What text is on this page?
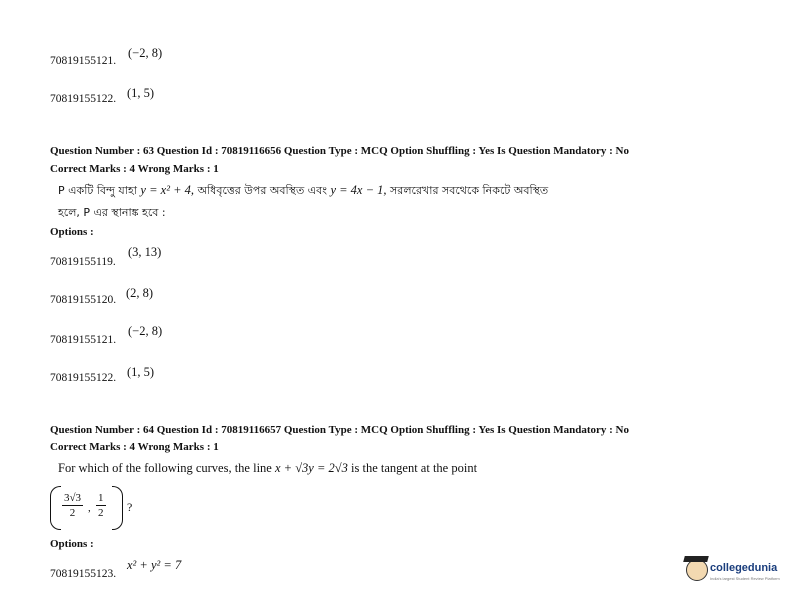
70819155121.
(−2, 8)
70819155122. (1, 5)
Question Number : 63 Question Id : 70819116656 Question Type : MCQ Option Shuffling : Yes Is Question Mandatory : No
Correct Marks : 4 Wrong Marks : 1
P একটি বিন্দু যাহা y = x² + 4, অধিবৃত্তের উপর অবস্থিত এবং y = 4x − 1, সরলরেখার সবথেকে নিকটে অবস্থিত
হলে, P এর স্থানাঙ্ক হবে :
Options :
70819155119.
(3, 13)
70819155120. (2, 8)
70819155121.
(−2, 8)
70819155122. (1, 5)
Question Number : 64 Question Id : 70819116657 Question Type : MCQ Option Shuffling : Yes Is Question Mandatory : No
Correct Marks : 4 Wrong Marks : 1
For which of the following curves, the line x + √3y = 2√3 is the tangent at the point
$\frac{3√3}{2}$ , $\frac{1}{2}$ ?
Options :
70819155123.
x² + y² = 7	collegedunia
India's largest Student Review Platform
